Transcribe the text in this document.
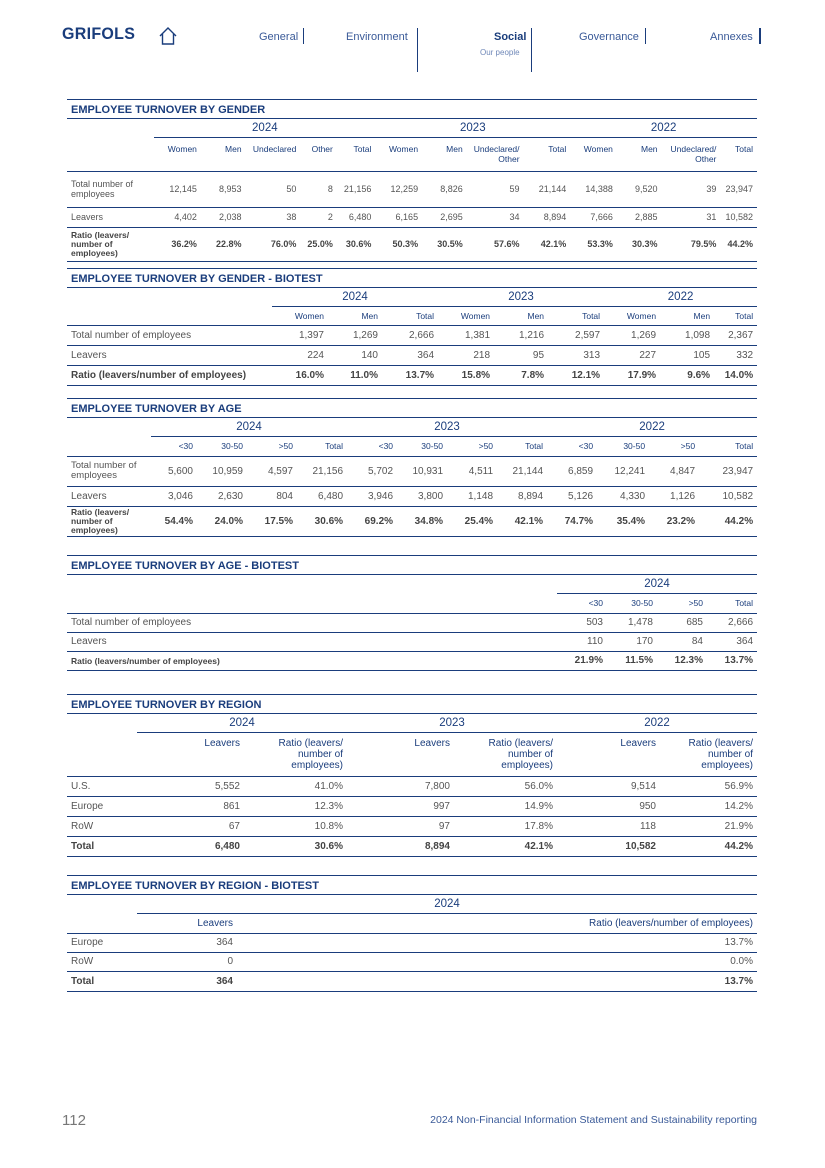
GRIFOLS	General	Environment	Social
Our people
Governance	Annexes
EMPLOYEE TURNOVER BY GENDER
	2024					2023				2022			
	Women	Men	Undeclared	Other	Total	Women	Men	Undeclared/ Other	Total	Women	Men	Undeclared/ Other	Total
Total number of employees	12,145	8,953	50	8	21,156	12,259	8,826	59	21,144	14,388	9,520	39	23,947
Leavers	4,402	2,038	38	2	6,480	6,165	2,695	34	8,894	7,666	2,885	31	10,582
Ratio (leavers/ number of employees)	36.2%	22.8%	76.0%	25.0%	30.6%	50.3%	30.5%	57.6%	42.1%	53.3%	30.3%	79.5%	44.2%
EMPLOYEE TURNOVER BY GENDER - BIOTEST
	2024			2023			2022		
	Women	Men	Total	Women	Men	Total	Women	Men	Total
Total number of employees	1,397	1,269	2,666	1,381	1,216	2,597	1,269	1,098	2,367
Leavers	224	140	364	218	95	313	227	105	332
Ratio (leavers/number of employees)	16.0%	11.0%	13.7%	15.8%	7.8%	12.1%	17.9%	9.6%	14.0%
EMPLOYEE TURNOVER BY AGE
	2024				2023				2022			
	<30	30-50	>50	Total	<30	30-50	>50	Total	<30	30-50	>50	Total
Total number of employees	5,600	10,959	4,597	21,156	5,702	10,931	4,511	21,144	6,859	12,241	4,847	23,947
Leavers	3,046	2,630	804	6,480	3,946	3,800	1,148	8,894	5,126	4,330	1,126	10,582
Ratio (leavers/ number of employees)	54.4%	24.0%	17.5%	30.6%	69.2%	34.8%	25.4%	42.1%	74.7%	35.4%	23.2%	44.2%
EMPLOYEE TURNOVER BY AGE - BIOTEST
	2024			
	<30	30-50	>50	Total
Total number of employees	503	1,478	685	2,666
Leavers	110	170	84	364
Ratio (leavers/number of employees)	21.9%	11.5%	12.3%	13.7%
EMPLOYEE TURNOVER BY REGION
	2024		2023		2022	
	Leavers	Ratio (leavers/ number of employees)	Leavers	Ratio (leavers/ number of employees)	Leavers	Ratio (leavers/ number of employees)
U.S.	5,552	41.0%	7,800	56.0%	9,514	56.9%
Europe	861	12.3%	997	14.9%	950	14.2%
RoW	67	10.8%	97	17.8%	118	21.9%
Total	6,480	30.6%	8,894	42.1%	10,582	44.2%
EMPLOYEE TURNOVER BY REGION - BIOTEST
	2024	
	Leavers	Ratio (leavers/number of employees)
Europe	364	13.7%
RoW	0	0.0%
Total	364	13.7%
112	2024 Non-Financial Information Statement and Sustainability reporting
